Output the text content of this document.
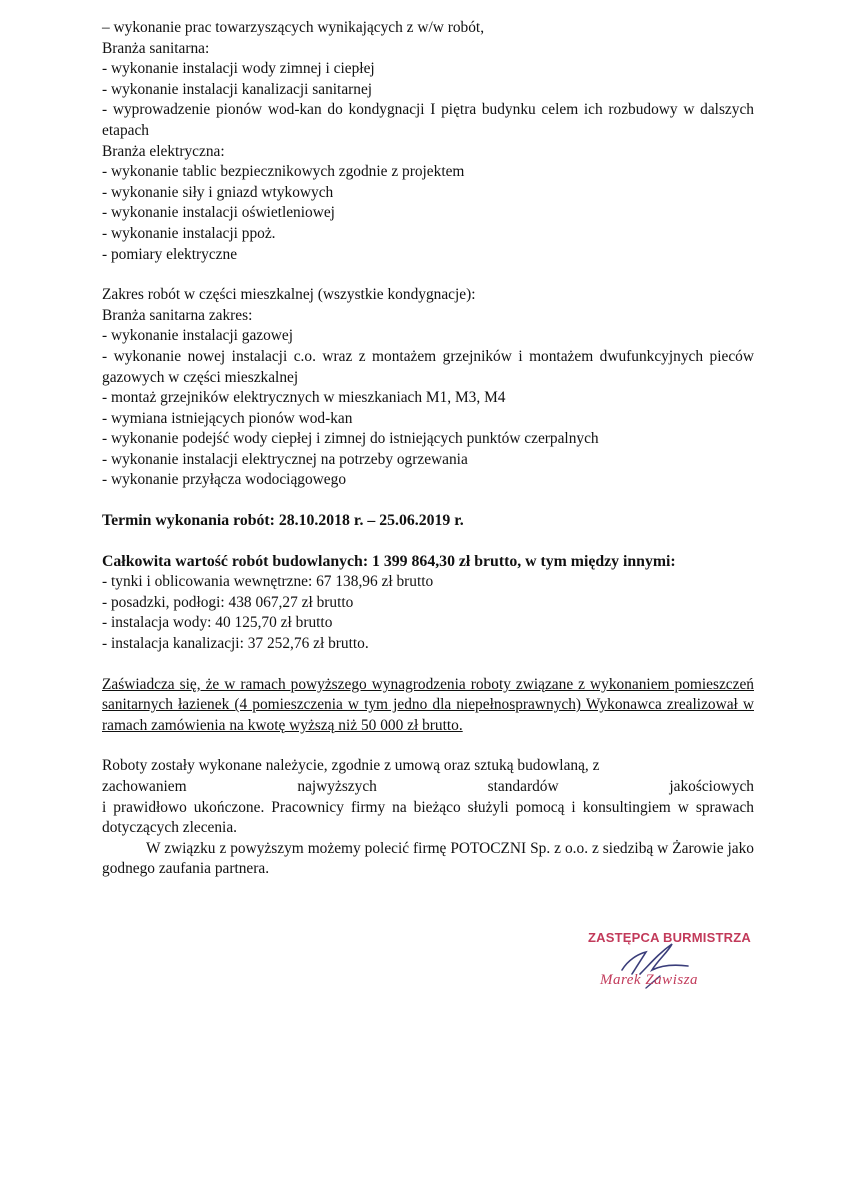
– wykonanie prac towarzyszących wynikających z w/w robót,
Branża sanitarna:
- wykonanie instalacji wody zimnej i ciepłej
- wykonanie instalacji kanalizacji sanitarnej
- wyprowadzenie pionów wod-kan do kondygnacji I piętra budynku celem ich rozbudowy w dalszych etapach
Branża elektryczna:
- wykonanie tablic bezpiecznikowych zgodnie z projektem
- wykonanie siły i gniazd wtykowych
- wykonanie instalacji oświetleniowej
- wykonanie instalacji ppoż.
- pomiary elektryczne
Zakres robót w części mieszkalnej (wszystkie kondygnacje):
Branża sanitarna zakres:
- wykonanie instalacji gazowej
- wykonanie nowej instalacji c.o. wraz z montażem grzejników i montażem dwufunkcyjnych pieców gazowych w części mieszkalnej
- montaż grzejników elektrycznych w mieszkaniach M1, M3, M4
- wymiana istniejących pionów wod-kan
- wykonanie podejść wody ciepłej i zimnej do istniejących punktów czerpalnych
- wykonanie instalacji elektrycznej na potrzeby ogrzewania
- wykonanie przyłącza wodociągowego
Termin wykonania robót: 28.10.2018 r. – 25.06.2019 r.
Całkowita wartość robót budowlanych: 1 399 864,30 zł brutto, w tym między innymi:
- tynki i oblicowania wewnętrzne: 67 138,96 zł brutto
- posadzki, podłogi: 438 067,27 zł brutto
- instalacja wody: 40 125,70 zł brutto
- instalacja kanalizacji: 37 252,76 zł brutto.
Zaświadcza się, że w ramach powyższego wynagrodzenia roboty związane z wykonaniem pomieszczeń sanitarnych łazienek (4 pomieszczenia w tym jedno dla niepełnosprawnych) Wykonawca zrealizował w ramach zamówienia na kwotę wyższą niż 50 000 zł brutto.
Roboty zostały wykonane należycie, zgodnie z umową oraz sztuką budowlaną, z
zachowaniem	najwyższych	standardów	jakościowych
i prawidłowo ukończone. Pracownicy firmy na bieżąco służyli pomocą i konsultingiem w sprawach dotyczących zlecenia.
W związku z powyższym możemy polecić firmę POTOCZNI Sp. z o.o. z siedzibą w Żarowie jako godnego zaufania partnera.
ZASTĘPCA BURMISTRZA
Marek Zawisza
